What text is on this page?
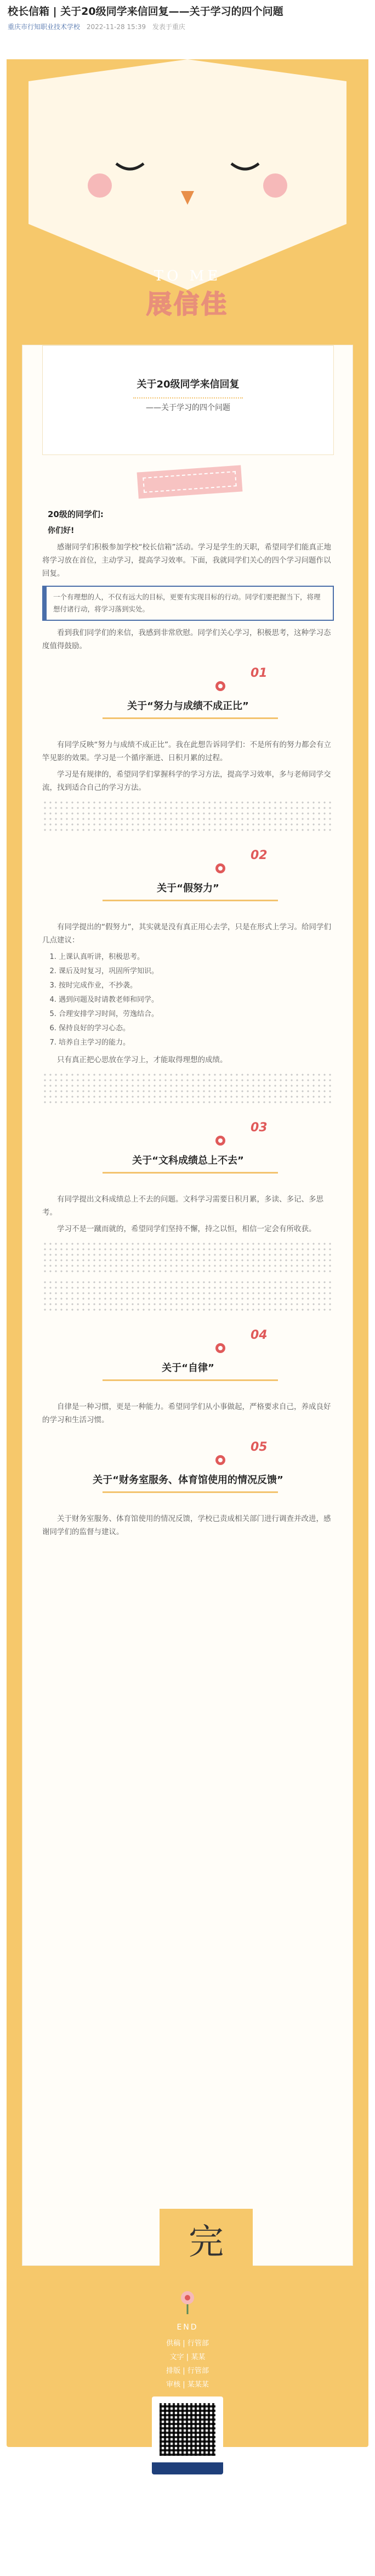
校长信箱 | 关于20级同学来信回复——关于学习的四个问题
重庆市行知职业技术学校 2022-11-28 15:39 发表于重庆
TO ME
展信佳
关于20级同学来信回复
——关于学习的四个问题
20级的同学们:
你们好!

感谢同学们积极参加学校“校长信箱”活动。学习是学生的天职，希望同学们能真正地将学习放在首位，主动学习，提高学习效率。下面，我就同学们关心的四个学习问题作以回复。

一个有理想的人，不仅有远大的目标，更要有实现目标的行动。同学们要把握当下，将理想付诸行动，将学习落到实处。

看到我们同学们的来信，我感到非常欣慰。同学们关心学习，积极思考，这种学习态度值得鼓励。

01
关于“努力与成绩不成正比”

有同学反映“努力与成绩不成正比”。我在此想告诉同学们：不是所有的努力都会有立竿见影的效果。学习是一个循序渐进、日积月累的过程。

学习是有规律的，希望同学们掌握科学的学习方法，提高学习效率，多与老师同学交流，找到适合自己的学习方法。

02
关于“假努力”

有同学提出的“假努力”，其实就是没有真正用心去学，只是在形式上学习。给同学们几点建议：

1. 上课认真听讲，积极思考。
2. 课后及时复习，巩固所学知识。
3. 按时完成作业，不抄袭。
4. 遇到问题及时请教老师和同学。
5. 合理安排学习时间，劳逸结合。
6. 保持良好的学习心态。
7. 培养自主学习的能力。

只有真正把心思放在学习上，才能取得理想的成绩。

03
关于“文科成绩总上不去”

有同学提出文科成绩总上不去的问题。文科学习需要日积月累，多读、多记、多思考。

学习不是一蹴而就的，希望同学们坚持不懈，持之以恒，相信一定会有所收获。

04
关于“自律”

自律是一种习惯，更是一种能力。希望同学们从小事做起，严格要求自己，养成良好的学习和生活习惯。

05
关于“财务室服务、体育馆使用的情况反馈”

关于财务室服务、体育馆使用的情况反馈，学校已责成相关部门进行调查并改进，感谢同学们的监督与建议。

完
END
供稿 | 行管部
文字 | 某某
排版 | 行管部
审核 | 某某某
